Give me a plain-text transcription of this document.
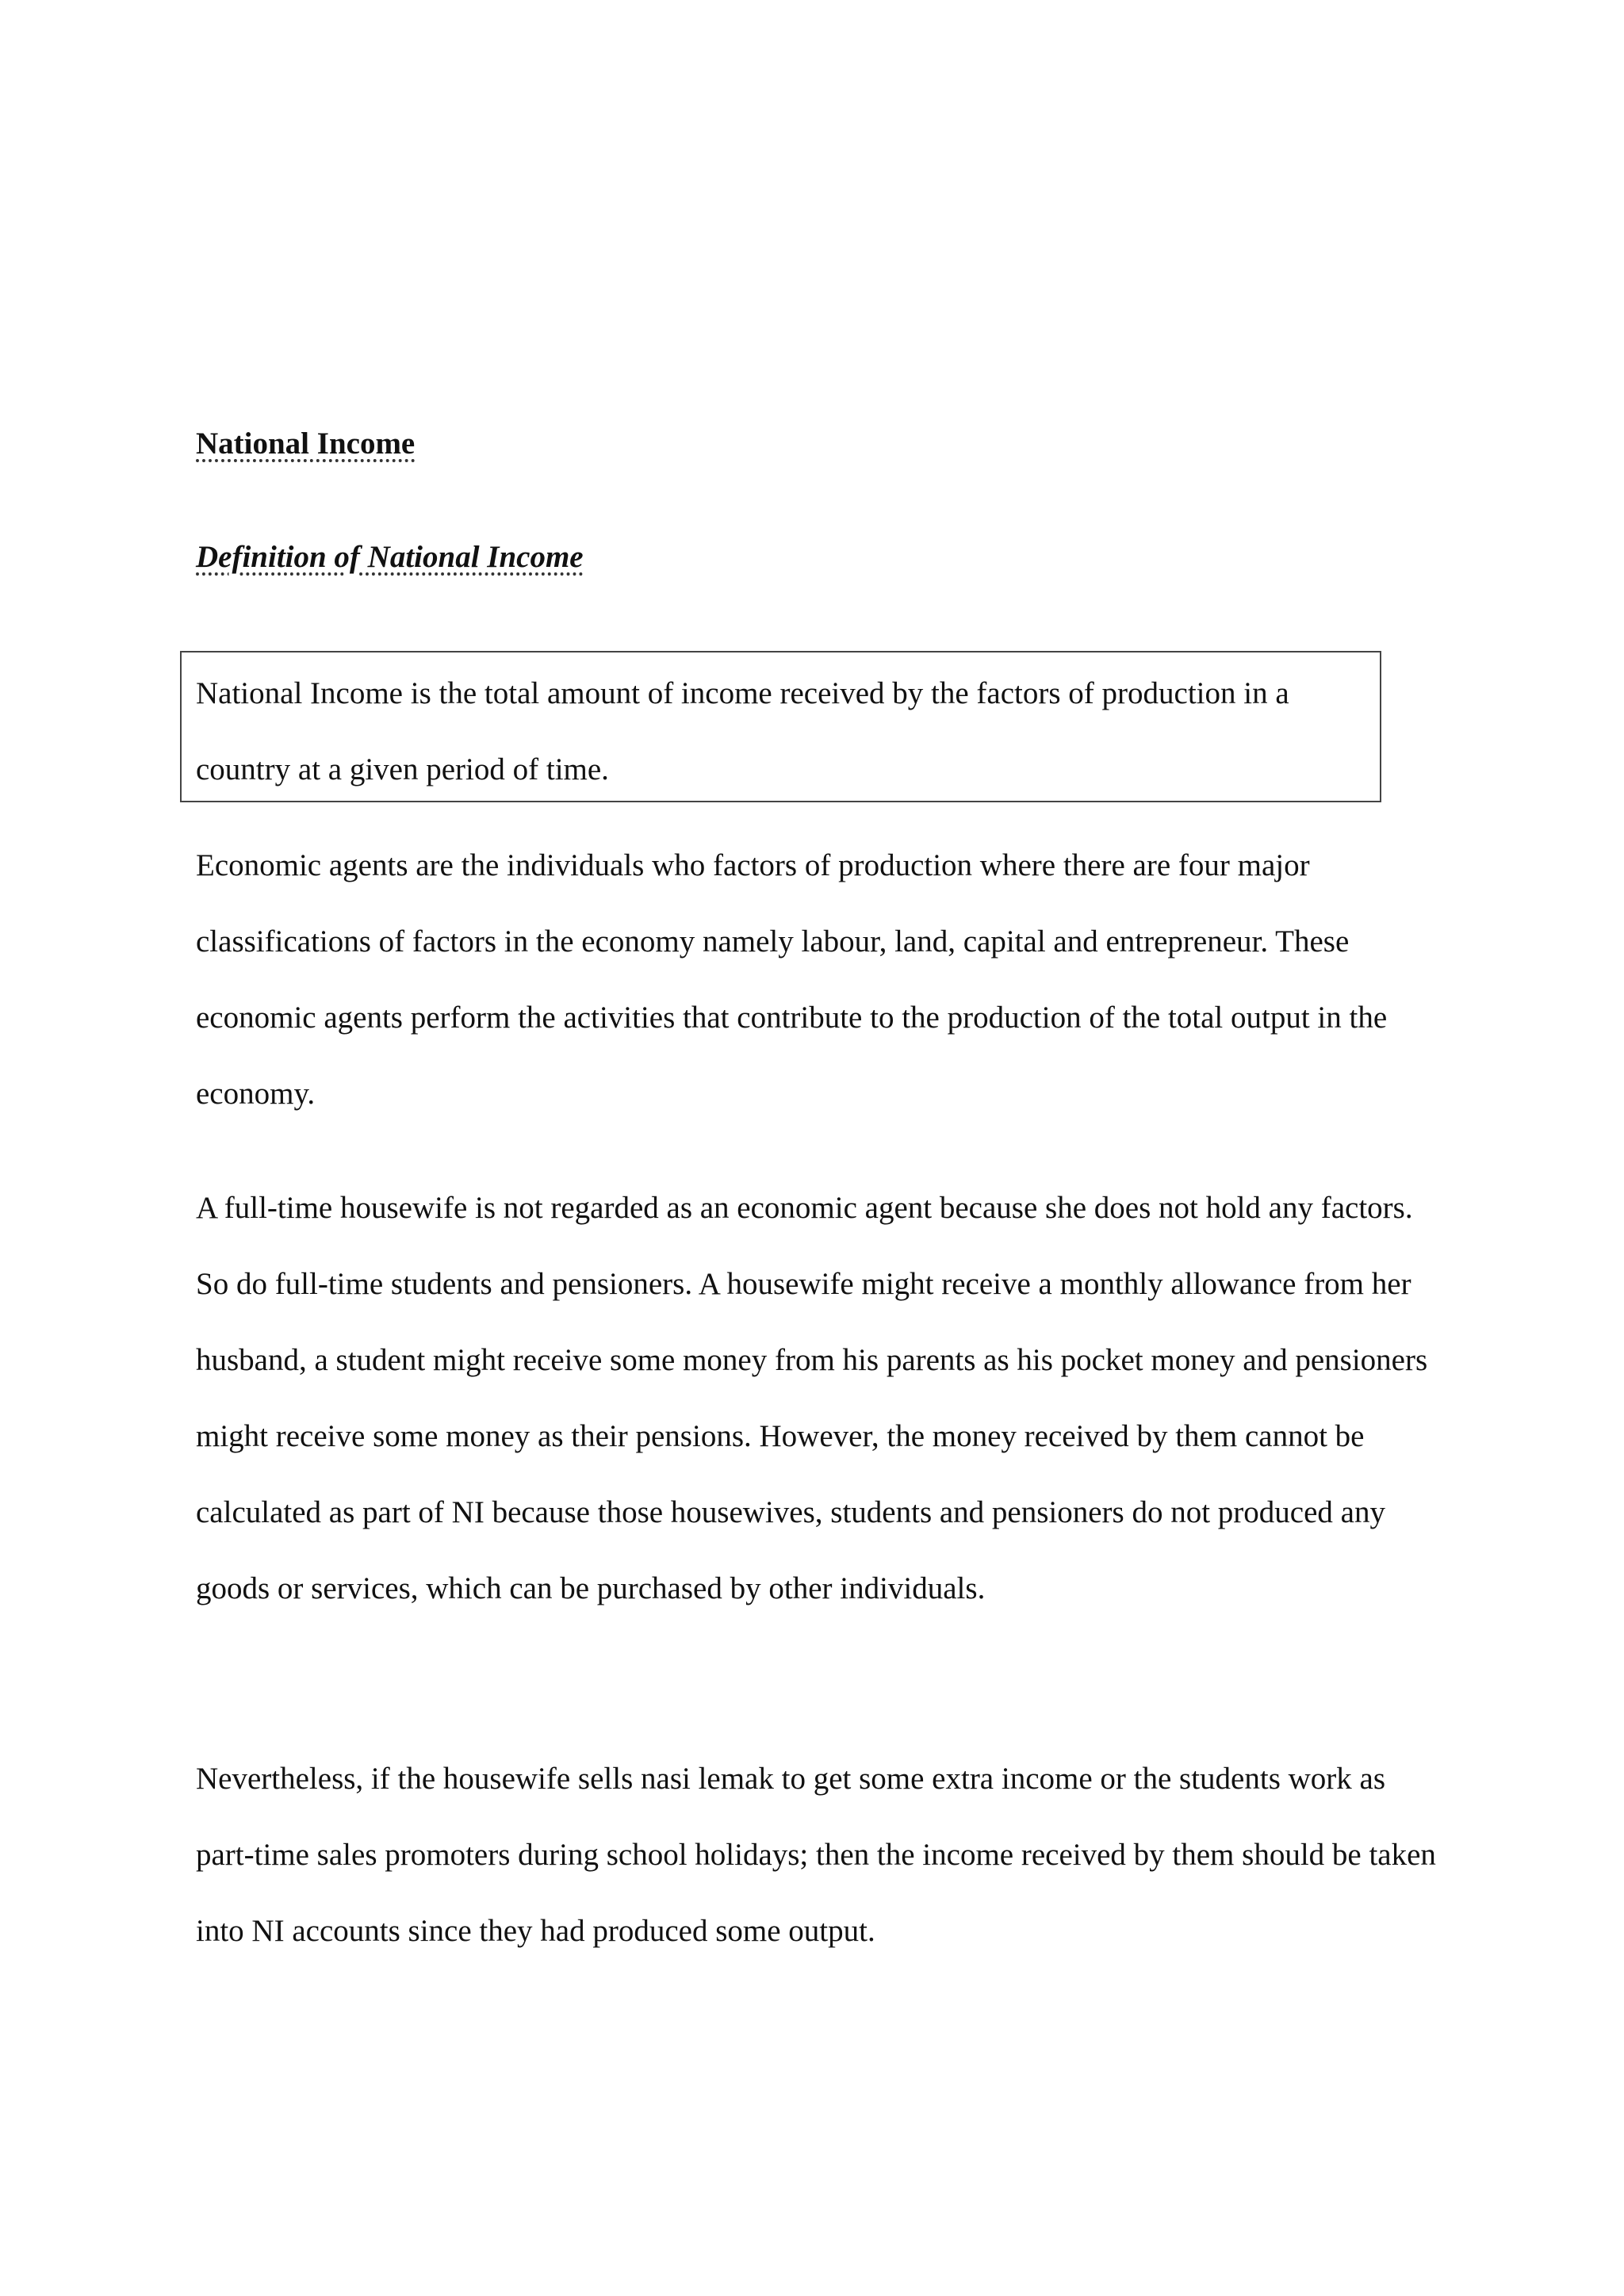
National Income
Definition of National Income

National Income is the total amount of income received by the factors of production in a country at a given period of time.

Economic agents are the individuals who factors of production where there are four major classifications of factors in the economy namely labour, land, capital and entrepreneur. These economic agents perform the activities that contribute to the production of the total output in the economy.

A full-time housewife is not regarded as an economic agent because she does not hold any factors. So do full-time students and pensioners. A housewife might receive a monthly allowance from her husband, a student might receive some money from his parents as his pocket money and pensioners might receive some money as their pensions. However, the money received by them cannot be calculated as part of NI because those housewives, students and pensioners do not produced any goods or services, which can be purchased by other individuals.

Nevertheless, if the housewife sells nasi lemak to get some extra income or the students work as part-time sales promoters during school holidays; then the income received by them should be taken into NI accounts since they had produced some output.
